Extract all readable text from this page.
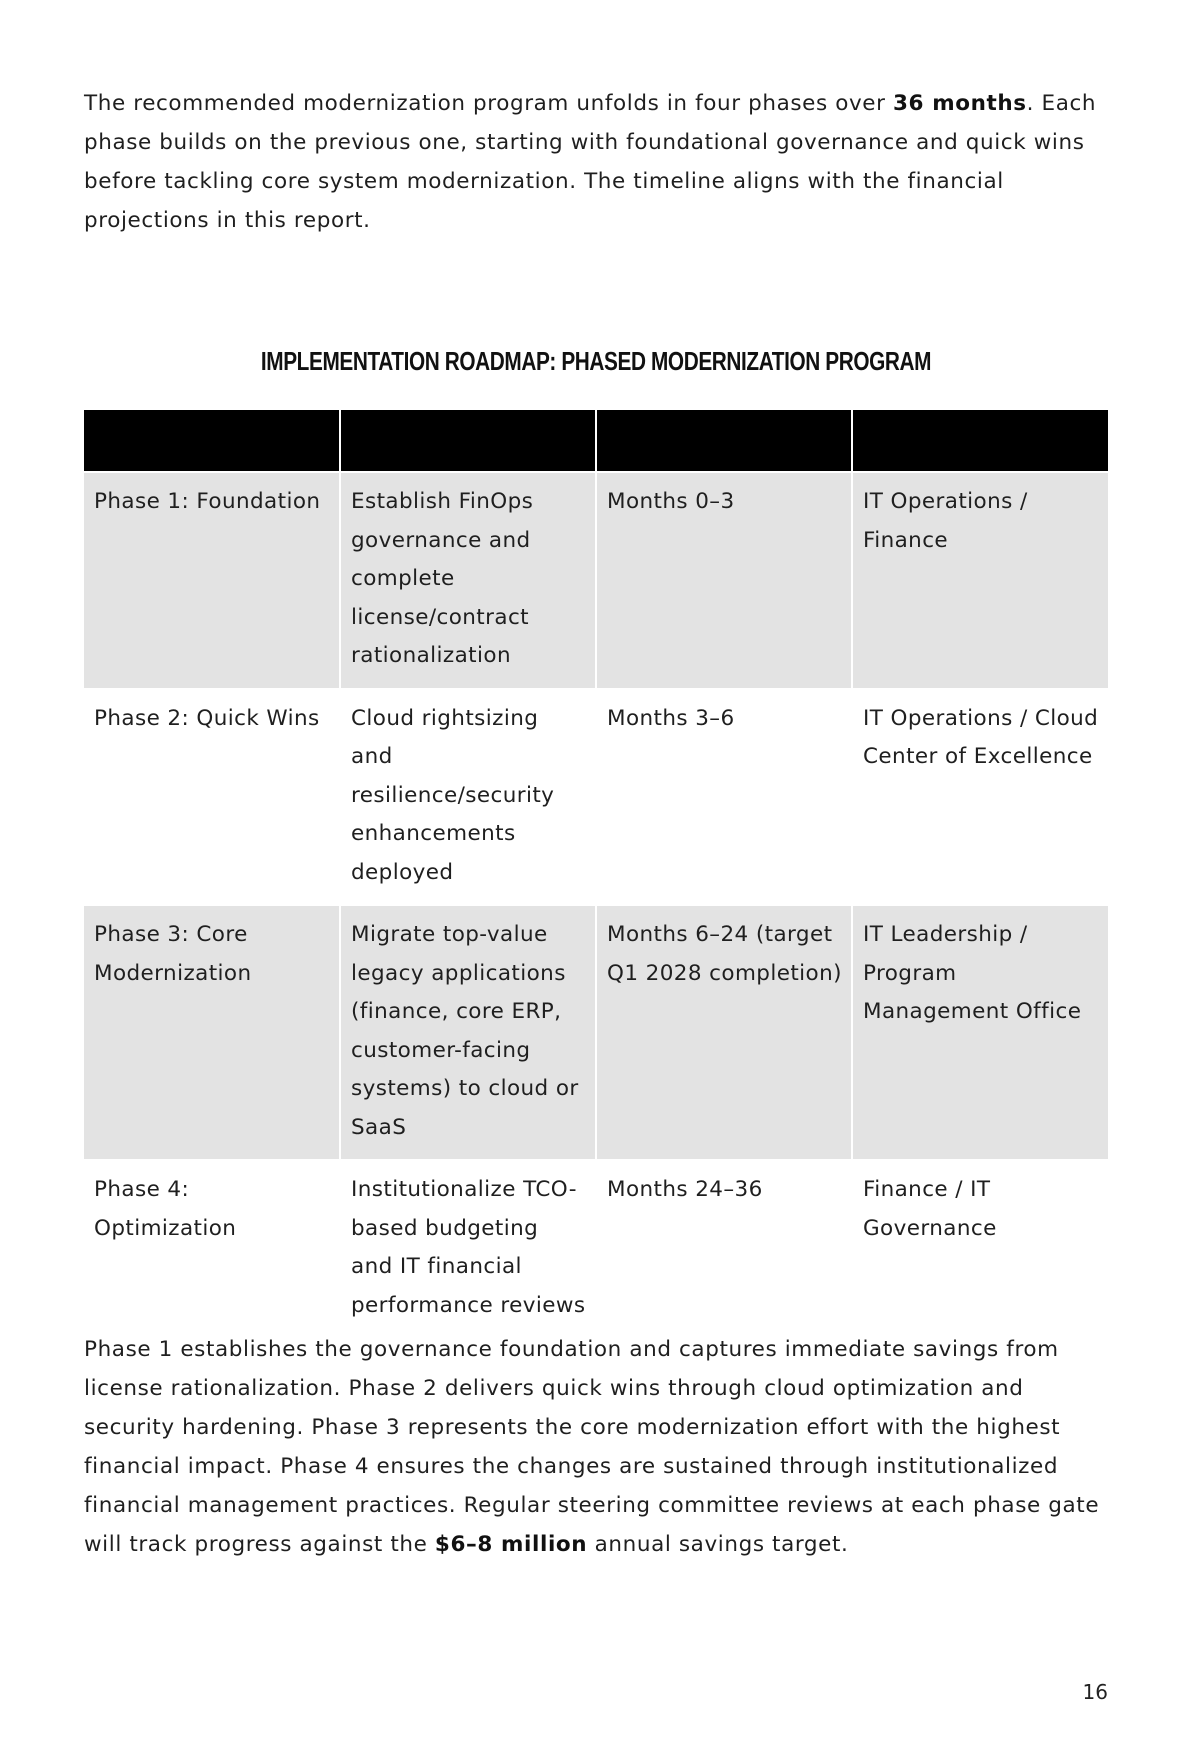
The recommended modernization program unfolds in four phases over 36 months. Each phase builds on the previous one, starting with foundational governance and quick wins before tackling core system modernization. The timeline aligns with the financial projections in this report.

IMPLEMENTATION ROADMAP: PHASED MODERNIZATION PROGRAM

Phase 1: Foundation	Establish FinOps governance and complete license/contract rationalization	Months 0–3	IT Operations / Finance
Phase 2: Quick Wins	Cloud rightsizing and resilience/security enhancements deployed	Months 3–6	IT Operations / Cloud Center of Excellence
Phase 3: Core Modernization	Migrate top-value legacy applications (finance, core ERP, customer-facing systems) to cloud or SaaS	Months 6–24 (target Q1 2028 completion)	IT Leadership / Program Management Office
Phase 4: Optimization	Institutionalize TCO-based budgeting and IT financial performance reviews	Months 24–36	Finance / IT Governance

Phase 1 establishes the governance foundation and captures immediate savings from license rationalization. Phase 2 delivers quick wins through cloud optimization and security hardening. Phase 3 represents the core modernization effort with the highest financial impact. Phase 4 ensures the changes are sustained through institutionalized financial management practices. Regular steering committee reviews at each phase gate will track progress against the $6–8 million annual savings target.

16
